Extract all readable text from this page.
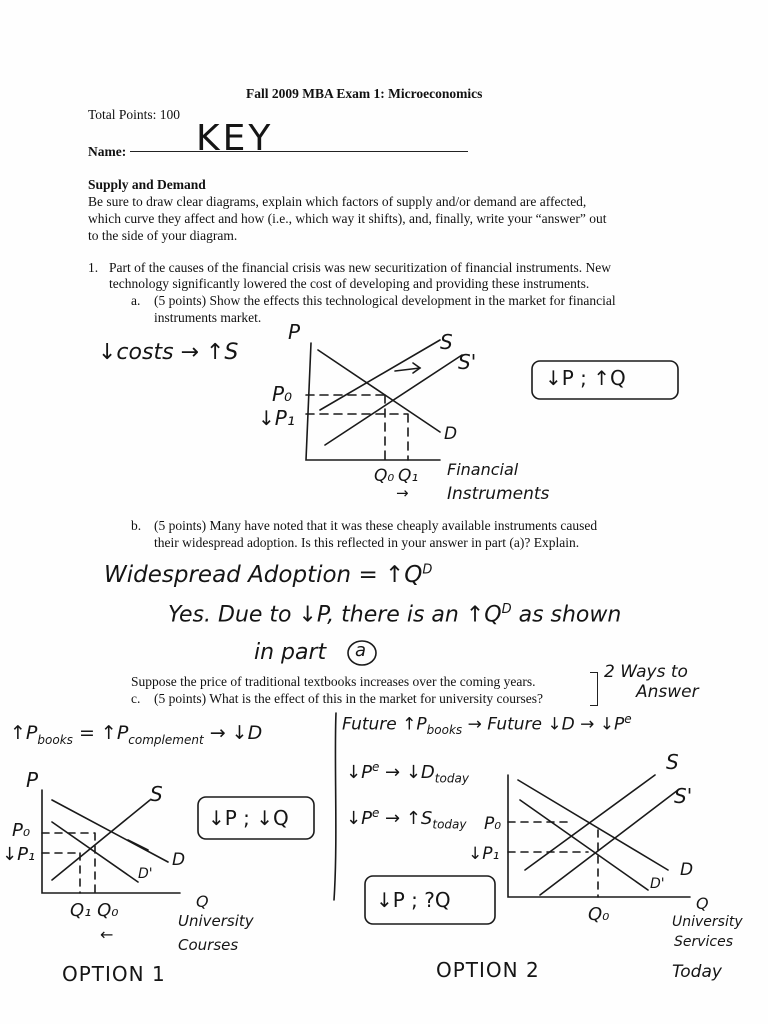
Fall 2009 MBA Exam 1: Microeconomics
Total Points: 100
Name: KEY
Supply and Demand
Be sure to draw clear diagrams, explain which factors of supply and/or demand are affected,
which curve they affect and how (i.e., which way it shifts), and, finally, write your “answer” out
to the side of your diagram.
1. Part of the causes of the financial crisis was new securitization of financial instruments. New
technology significantly lowered the cost of developing and providing these instruments.
a. (5 points) Show the effects this technological development in the market for financial
instruments market.
b. (5 points) Many have noted that it was these cheaply available instruments caused
their widespread adoption. Is this reflected in your answer in part (a)? Explain.
Suppose the price of traditional textbooks increases over the coming years.
c. (5 points) What is the effect of this in the market for university courses?
↓costs → ↑S
↓P ; ↑Q
P	S
S'
D
P₀
↓P₁
Q₀ Q₁
→
Financial
Instruments
Widespread Adoption = $↑Q^D$
Yes. Due to ↓P, there is an $↑Q^D$ as shown
in part a
2 Ways to
Answer
$↑P_{books}$ = $↑P_{complement}$ → ↓D
P
S
D
D'
P₀
↓P₁
Q₁ Q₀
←
Q
University
Courses
↓P ; ↓Q
OPTION 1
Future $↑P_{books}$ → Future ↓D → $↓P^e$
$↓P^e$ → $↓D_{today}$
$↓P^e$ → $↑S_{today}$
S
S'
D
D'
P₀
↓P₁
Q₀
Q
University
Services
Today
↓P ; ?Q
OPTION 2
